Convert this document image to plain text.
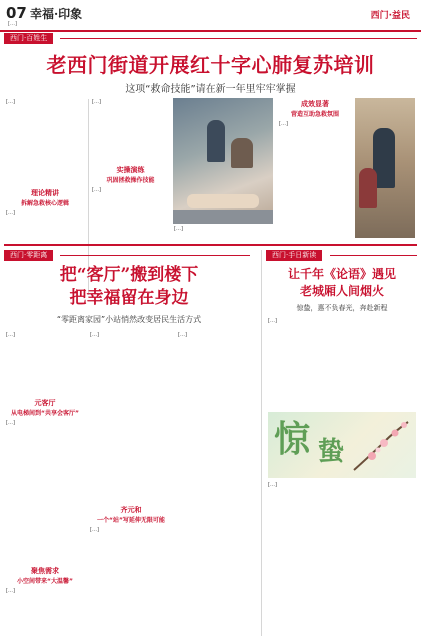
07 幸福·印象
[…]
西门·益民
西门·百姓生
老西门街道开展红十字心肺复苏培训
这项“救命技能”请在新一年里牢牢掌握
[…]
理论精讲
拆解急救核心逻辑
[…]
[…]
实操演练
巩固拯救操作技能
[…]
[…]
成效显著
营造互助急救氛围
[…]
西门·零距离
把“客厅”搬到楼下
把幸福留在身边
“零距离家园”小站悄然改变居民生活方式
[…]
元客厅
从电梯间到“共享会客厅”
[…]
聚焦需求
小空间带来“大温馨”
[…]
[…]
齐元和
一个“站”写延伸无限可能
[…]
[…]
西门·手日新读
让千年《论语》遇见
老城厢人间烟火
惊蛰，惠不负春光，奔赴新程
[…]
惊 蛰
[…]
